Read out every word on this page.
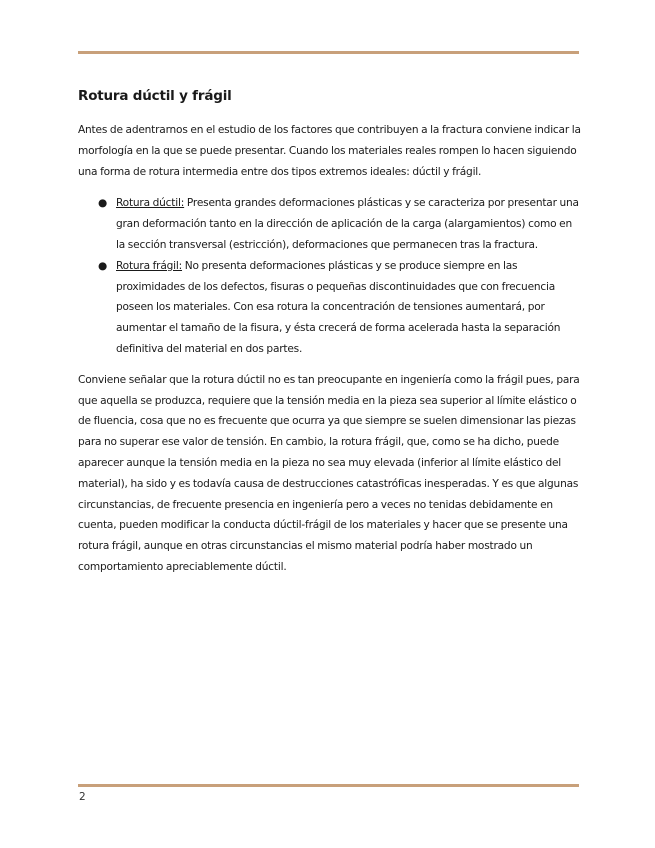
Rotura dúctil y frágil

Antes de adentrarnos en el estudio de los factores que contribuyen a la fractura conviene indicar la morfología en la que se puede presentar. Cuando los materiales reales rompen lo hacen siguiendo una forma de rotura intermedia entre dos tipos extremos ideales: dúctil y frágil.

● Rotura dúctil: Presenta grandes deformaciones plásticas y se caracteriza por presentar una gran deformación tanto en la dirección de aplicación de la carga (alargamientos) como en la sección transversal (estricción), deformaciones que permanecen tras la fractura.
● Rotura frágil: No presenta deformaciones plásticas y se produce siempre en las proximidades de los defectos, fisuras o pequeñas discontinuidades que con frecuencia poseen los materiales. Con esa rotura la concentración de tensiones aumentará, por aumentar el tamaño de la fisura, y ésta crecerá de forma acelerada hasta la separación definitiva del material en dos partes.

Conviene señalar que la rotura dúctil no es tan preocupante en ingeniería como la frágil pues, para que aquella se produzca, requiere que la tensión media en la pieza sea superior al límite elástico o de fluencia, cosa que no es frecuente que ocurra ya que siempre se suelen dimensionar las piezas para no superar ese valor de tensión. En cambio, la rotura frágil, que, como se ha dicho, puede aparecer aunque la tensión media en la pieza no sea muy elevada (inferior al límite elástico del material), ha sido y es todavía causa de destrucciones catastróficas inesperadas. Y es que algunas circunstancias, de frecuente presencia en ingeniería pero a veces no tenidas debidamente en cuenta, pueden modificar la conducta dúctil-frágil de los materiales y hacer que se presente una rotura frágil, aunque en otras circunstancias el mismo material podría haber mostrado un comportamiento apreciablemente dúctil.

2
